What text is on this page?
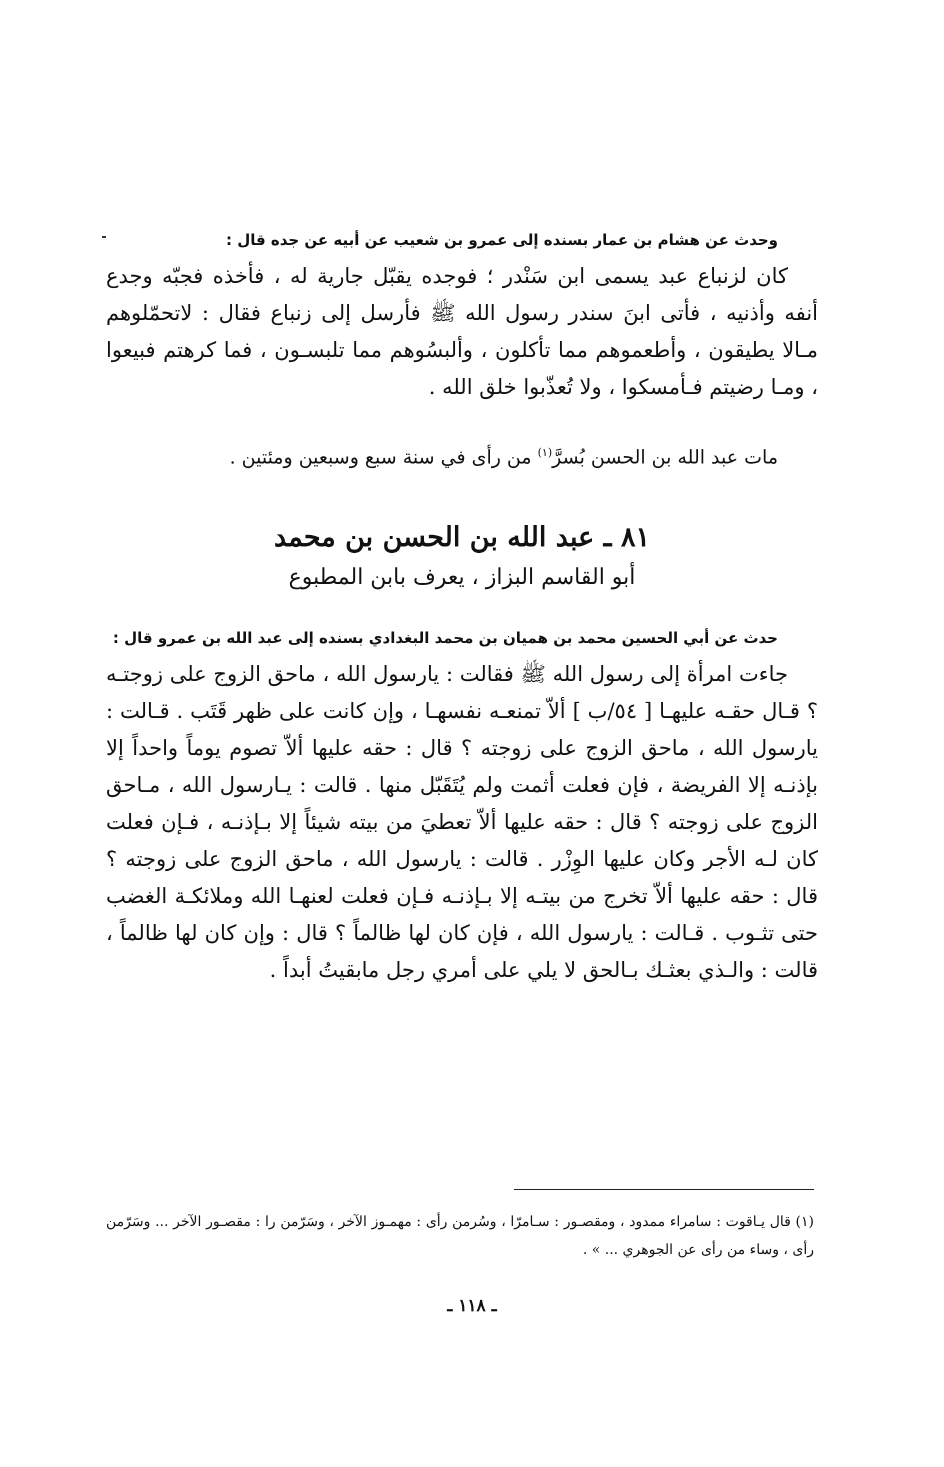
وحدث عن هشام بن عمار بسنده إلى عمرو بن شعيب عن أبيه عن جده قال :

كان لزنباع عبد يسمى ابن سَنْدر ؛ فوجده يقبّل جارية له ، فأخذه فجبّه وجدع أنفه وأذنيه ، فأتى ابنَ سندر رسول الله ﷺ فأرسل إلى زنباع فقال : لاتحمّلوهم مـالا يطيقون ، وأطعموهم مما تأكلون ، وألبسُوهم مما تلبسـون ، فما كرهتم فبيعوا ، ومـا رضيتم فـأمسكوا ، ولا تُعذّبوا خلق الله .

مات عبد الله بن الحسن بُسرَّ$^{(١)}$ من رأى في سنة سبع وسبعين ومئتين .

٨١ ـ عبد الله بن الحسن بن محمد

أبو القاسم البزاز ، يعرف بابن المطبوع

حدث عن أبي الحسين محمد بن هميان بن محمد البغدادي بسنده إلى عبد الله بن عمرو قال :

جاءت امرأة إلى رسول الله ﷺ فقالت : يارسول الله ، ماحق الزوج على زوجتـه ؟ قـال حقـه عليهـا [ ٥٤/ب ] ألاّ تمنعـه نفسهـا ، وإن كانت على ظهر قَتَب . قـالت : يارسول الله ، ماحق الزوج على زوجته ؟ قال : حقه عليها ألاّ تصوم يوماً واحداً إلا بإذنـه إلا الفريضة ، فإن فعلت أثمت ولم يُتَقَبّل منها . قالت : يـارسول الله ، مـاحق الزوج على زوجته ؟ قال : حقه عليها ألاّ تعطيَ من بيته شيئاً إلا بـإذنـه ، فـإن فعلت كان لـه الأجر وكان عليها الوِزْر . قالت : يارسول الله ، ماحق الزوج على زوجته ؟ قال : حقه عليها ألاّ تخرج من بيتـه إلا بـإذنـه فـإن فعلت لعنهـا الله وملائكـة الغضب حتى تثـوب . قـالت : يارسول الله ، فإن كان لها ظالماً ؟ قال : وإن كان لها ظالماً ، قالت : والـذي بعثـك بـالحق لا يلي على أمري رجل مابقيتُ أبداً .

(١) قال يـاقوت : سامراء ممدود ، ومقصـور : سـامرّا ، وسُرمن رأى : مهمـوز الآخر ، وسَرّمن را : مقصـور الآخر ... وسَرّمن رأى ، وساء من رأى عن الجوهري ... » .
ـ ١١٨ ـ
